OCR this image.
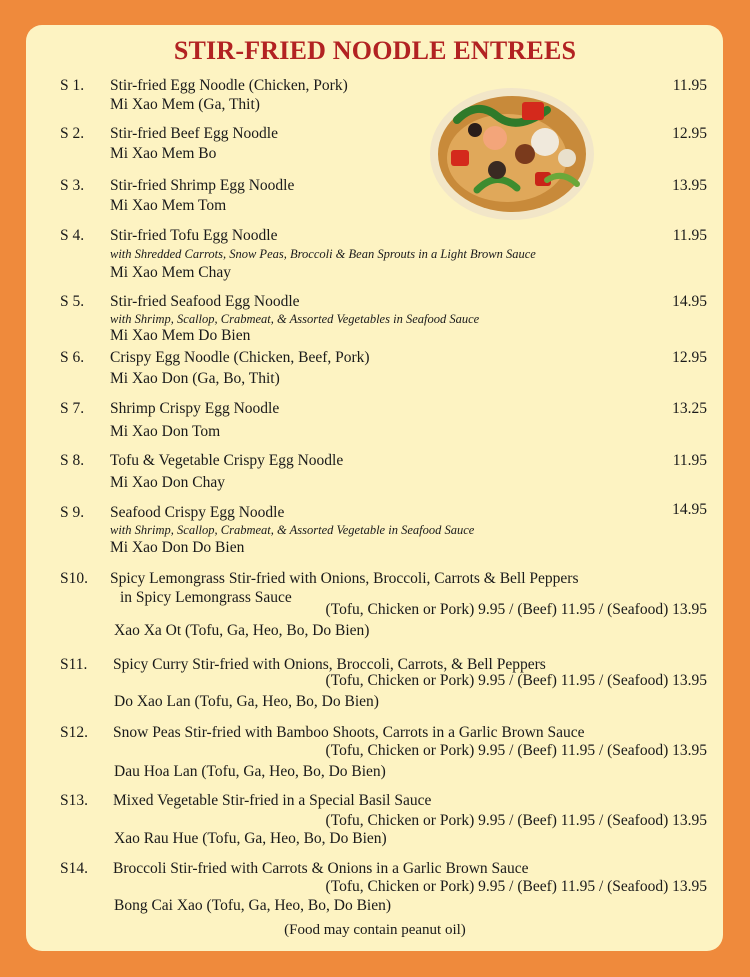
STIR-FRIED NOODLE ENTREES
S 1. Stir-fried Egg Noodle (Chicken, Pork)
Mi Xao Mem (Ga, Thit)
11.95
S 2. Stir-fried Beef Egg Noodle
Mi Xao Mem Bo
12.95
S 3. Stir-fried Shrimp Egg Noodle
Mi Xao Mem Tom
13.95
S 4. Stir-fried Tofu Egg Noodle
with Shredded Carrots, Snow Peas, Broccoli & Bean Sprouts in a Light Brown Sauce
Mi Xao Mem Chay
11.95
S 5. Stir-fried Seafood Egg Noodle
with Shrimp, Scallop, Crabmeat, & Assorted Vegetables in Seafood Sauce
Mi Xao Mem Do Bien
14.95
S 6. Crispy Egg Noodle (Chicken, Beef, Pork)
Mi Xao Don (Ga, Bo, Thit)
12.95
S 7. Shrimp Crispy Egg Noodle
Mi Xao Don Tom
13.25
S 8. Tofu & Vegetable Crispy Egg Noodle
Mi Xao Don Chay
11.95
S 9. Seafood Crispy Egg Noodle
with Shrimp, Scallop, Crabmeat, & Assorted Vegetable in Seafood Sauce
Mi Xao Don Do Bien
14.95
S10. Spicy Lemongrass Stir-fried with Onions, Broccoli, Carrots & Bell Peppers
in Spicy Lemongrass Sauce
(Tofu, Chicken or Pork) 9.95 / (Beef) 11.95 / (Seafood) 13.95
Xao Xa Ot (Tofu, Ga, Heo, Bo, Do Bien)
S11. Spicy Curry Stir-fried with Onions, Broccoli, Carrots, & Bell Peppers
(Tofu, Chicken or Pork) 9.95 / (Beef) 11.95 / (Seafood) 13.95
Do Xao Lan (Tofu, Ga, Heo, Bo, Do Bien)
S12. Snow Peas Stir-fried with Bamboo Shoots, Carrots in a Garlic Brown Sauce
(Tofu, Chicken or Pork) 9.95 / (Beef) 11.95 / (Seafood) 13.95
Dau Hoa Lan (Tofu, Ga, Heo, Bo, Do Bien)
S13. Mixed Vegetable Stir-fried in a Special Basil Sauce
(Tofu, Chicken or Pork) 9.95 / (Beef) 11.95 / (Seafood) 13.95
Xao Rau Hue (Tofu, Ga, Heo, Bo, Do Bien)
S14. Broccoli Stir-fried with Carrots & Onions in a Garlic Brown Sauce
(Tofu, Chicken or Pork) 9.95 / (Beef) 11.95 / (Seafood) 13.95
Bong Cai Xao (Tofu, Ga, Heo, Bo, Do Bien)
(Food may contain peanut oil)
